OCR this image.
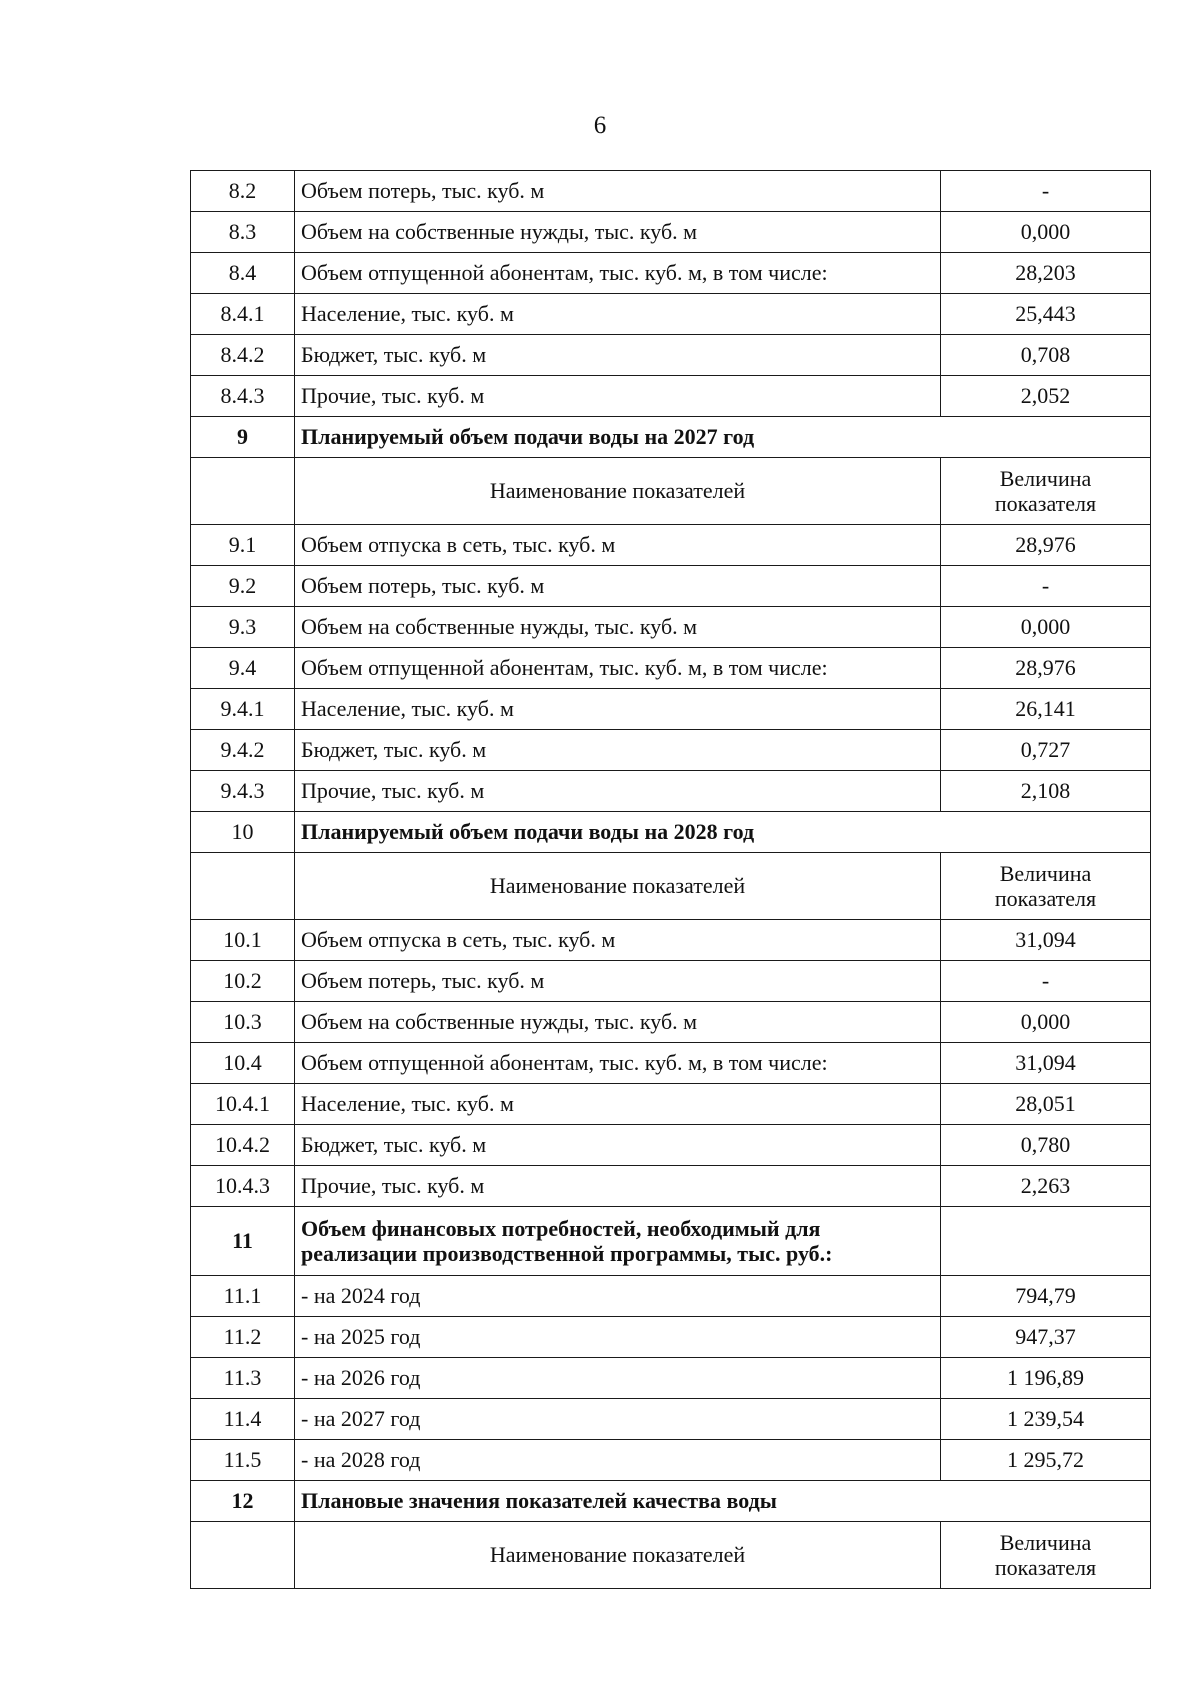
6
8.2	Объем потерь, тыс. куб. м	-
8.3	Объем на собственные нужды, тыс. куб. м	0,000
8.4	Объем отпущенной абонентам, тыс. куб. м, в том числе:	28,203
8.4.1	Население, тыс. куб. м	25,443
8.4.2	Бюджет, тыс. куб. м	0,708
8.4.3	Прочие, тыс. куб. м	2,052
9	Планируемый объем подачи воды на 2027 год	
	Наименование показателей	Величина показателя
9.1	Объем отпуска в сеть, тыс. куб. м	28,976
9.2	Объем потерь, тыс. куб. м	-
9.3	Объем на собственные нужды, тыс. куб. м	0,000
9.4	Объем отпущенной абонентам, тыс. куб. м, в том числе:	28,976
9.4.1	Население, тыс. куб. м	26,141
9.4.2	Бюджет, тыс. куб. м	0,727
9.4.3	Прочие, тыс. куб. м	2,108
10	Планируемый объем подачи воды на 2028 год	
	Наименование показателей	Величина показателя
10.1	Объем отпуска в сеть, тыс. куб. м	31,094
10.2	Объем потерь, тыс. куб. м	-
10.3	Объем на собственные нужды, тыс. куб. м	0,000
10.4	Объем отпущенной абонентам, тыс. куб. м, в том числе:	31,094
10.4.1	Население, тыс. куб. м	28,051
10.4.2	Бюджет, тыс. куб. м	0,780
10.4.3	Прочие, тыс. куб. м	2,263
11	Объем финансовых потребностей, необходимый для реализации производственной программы, тыс. руб.:	
11.1	- на 2024 год	794,79
11.2	- на 2025 год	947,37
11.3	- на 2026 год	1 196,89
11.4	- на 2027 год	1 239,54
11.5	- на 2028 год	1 295,72
12	Плановые значения показателей качества воды	
	Наименование показателей	Величина показателя
